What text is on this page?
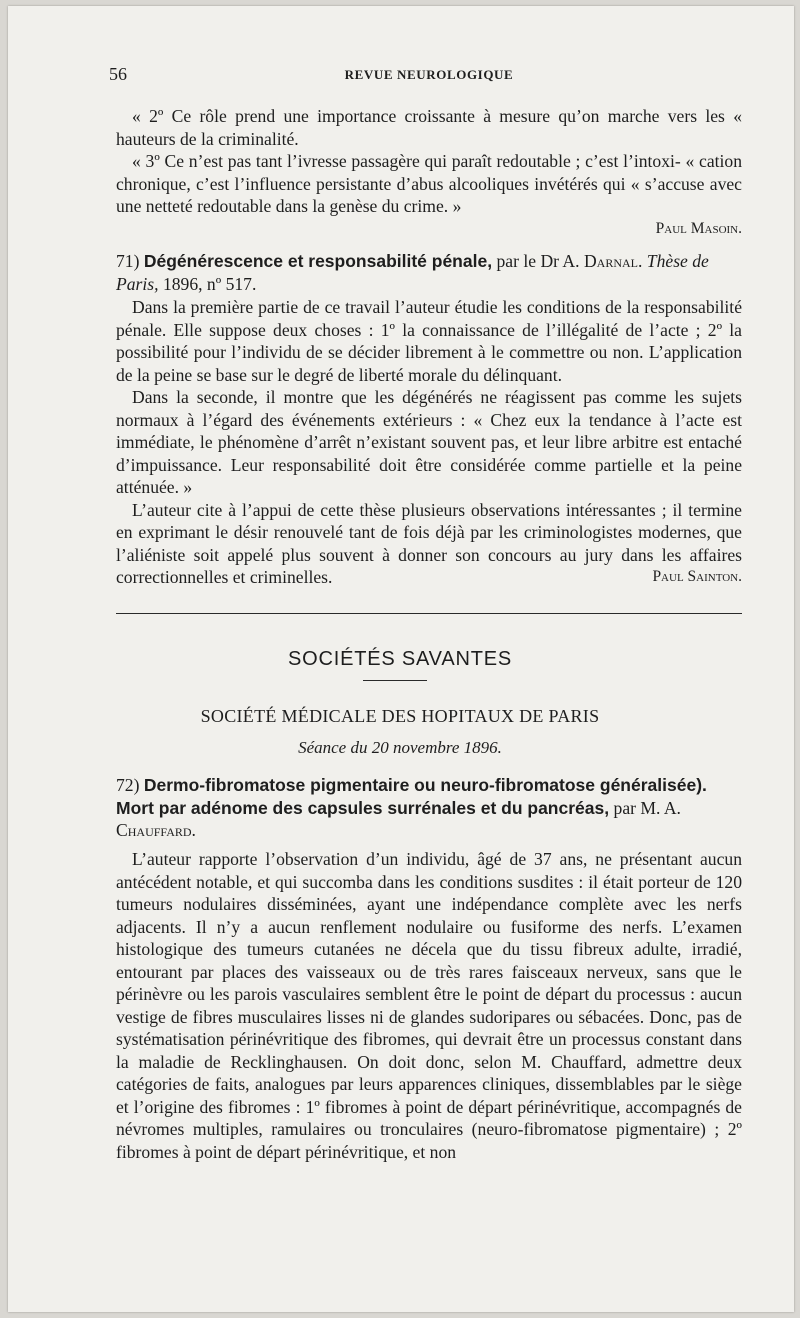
56	REVUE NEUROLOGIQUE

« 2º Ce rôle prend une importance croissante à mesure qu’on marche vers les « hauteurs de la criminalité.

« 3º Ce n’est pas tant l’ivresse passagère qui paraît redoutable ; c’est l’intoxi- « cation chronique, c’est l’influence persistante d’abus alcooliques invétérés qui « s’accuse avec une netteté redoutable dans la genèse du crime. »

Paul Masoin.
71) Dégénérescence et responsabilité pénale, par le Dr A. Darnal. Thèse de Paris, 1896, nº 517.

Dans la première partie de ce travail l’auteur étudie les conditions de la responsabilité pénale. Elle suppose deux choses : 1º la connaissance de l’illégalité de l’acte ; 2º la possibilité pour l’individu de se décider librement à le commettre ou non. L’application de la peine se base sur le degré de liberté morale du délinquant.

Dans la seconde, il montre que les dégénérés ne réagissent pas comme les sujets normaux à l’égard des événements extérieurs : « Chez eux la tendance à l’acte est immédiate, le phénomène d’arrêt n’existant souvent pas, et leur libre arbitre est entaché d’impuissance. Leur responsabilité doit être considérée comme partielle et la peine atténuée. »

L’auteur cite à l’appui de cette thèse plusieurs observations intéressantes ; il termine en exprimant le désir renouvelé tant de fois déjà par les criminologistes modernes, que l’aliéniste soit appelé plus souvent à donner son concours au jury dans les affaires correctionnelles et criminelles.	Paul Sainton.

SOCIÉTÉS SAVANTES
SOCIÉTÉ MÉDICALE DES HOPITAUX DE PARIS
Séance du 20 novembre 1896.
72) Dermo-fibromatose pigmentaire ou neuro-fibromatose généralisée). Mort par adénome des capsules surrénales et du pancréas, par M. A. Chauffard.

L’auteur rapporte l’observation d’un individu, âgé de 37 ans, ne présentant aucun antécédent notable, et qui succomba dans les conditions susdites : il était porteur de 120 tumeurs nodulaires disséminées, ayant une indépendance complète avec les nerfs adjacents. Il n’y a aucun renflement nodulaire ou fusiforme des nerfs. L’examen histologique des tumeurs cutanées ne décela que du tissu fibreux adulte, irradié, entourant par places des vaisseaux ou de très rares faisceaux nerveux, sans que le périnèvre ou les parois vasculaires semblent être le point de départ du processus : aucun vestige de fibres musculaires lisses ni de glandes sudoripares ou sébacées. Donc, pas de systématisation périnévritique des fibromes, qui devrait être un processus constant dans la maladie de Recklinghausen. On doit donc, selon M. Chauffard, admettre deux catégories de faits, analogues par leurs apparences cliniques, dissemblables par le siège et l’origine des fibromes : 1º fibromes à point de départ périnévritique, accompagnés de névromes multiples, ramulaires ou tronculaires (neuro-fibromatose pigmentaire) ; 2º fibromes à point de départ périnévritique, et non
